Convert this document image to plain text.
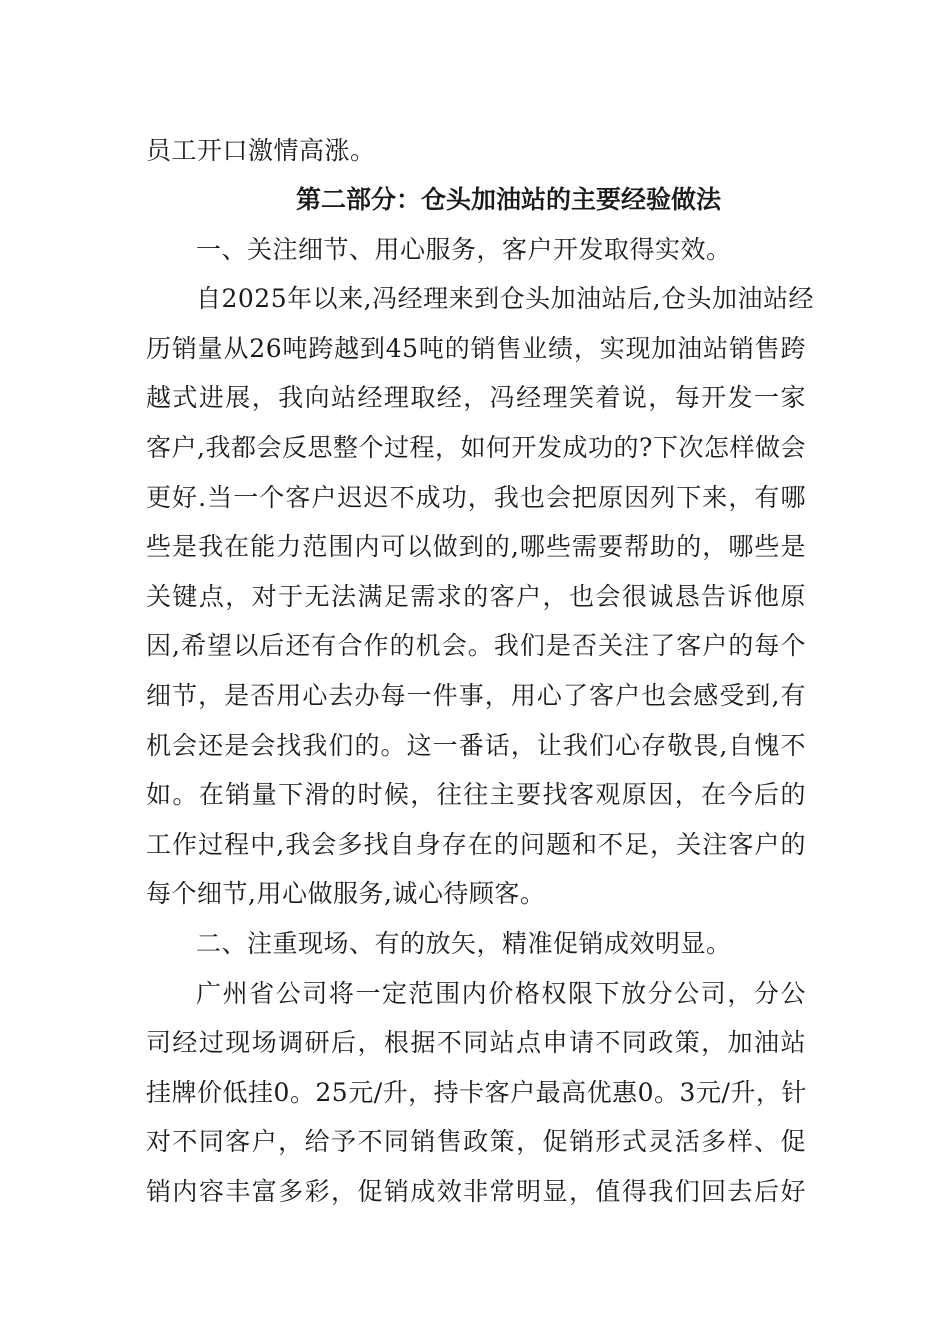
员工开口激情高涨。
第二部分：仓头加油站的主要经验做法
一、关注细节、用心服务，客户开发取得实效。
自2025年以来,冯经理来到仓头加油站后,仓头加油站经
历销量从26吨跨越到45吨的销售业绩，实现加油站销售跨
越式进展，我向站经理取经，冯经理笑着说，每开发一家
客户,我都会反思整个过程，如何开发成功的?下次怎样做会
更好.当一个客户迟迟不成功，我也会把原因列下来，有哪
些是我在能力范围内可以做到的,哪些需要帮助的，哪些是
关键点，对于无法满足需求的客户，也会很诚恳告诉他原
因,希望以后还有合作的机会。我们是否关注了客户的每个
细节，是否用心去办每一件事，用心了客户也会感受到,有
机会还是会找我们的。这一番话，让我们心存敬畏,自愧不
如。在销量下滑的时候，往往主要找客观原因，在今后的
工作过程中,我会多找自身存在的问题和不足，关注客户的
每个细节,用心做服务,诚心待顾客。
二、注重现场、有的放矢，精准促销成效明显。
广州省公司将一定范围内价格权限下放分公司，分公
司经过现场调研后，根据不同站点申请不同政策，加油站
挂牌价低挂0。25元/升，持卡客户最高优惠0。3元/升，针
对不同客户，给予不同销售政策，促销形式灵活多样、促
销内容丰富多彩，促销成效非常明显，值得我们回去后好
